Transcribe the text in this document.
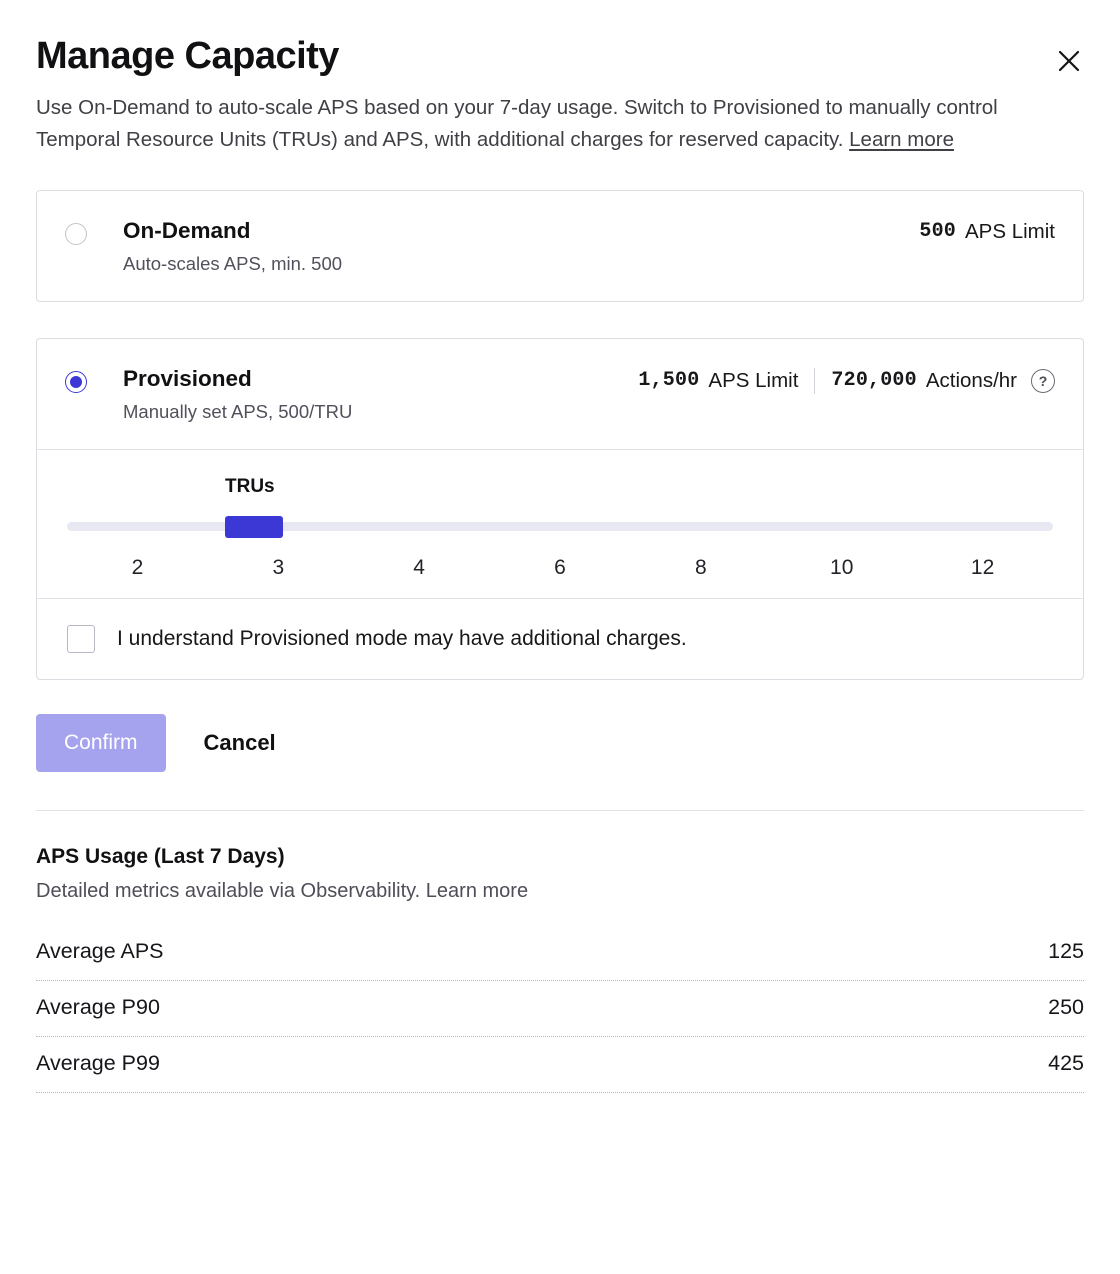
Manage Capacity
Use On-Demand to auto-scale APS based on your 7-day usage. Switch to Provisioned to manually control Temporal Resource Units (TRUs) and APS, with additional charges for reserved capacity. Learn more
On-Demand
Auto-scales APS, min. 500
500 APS Limit
Provisioned
Manually set APS, 500/TRU
1,500 APS Limit 720,000 Actions/hr	?
TRUs
2	3	4	6	8	10	12
I understand Provisioned mode may have additional charges.
Confirm	Cancel
APS Usage (Last 7 Days)
Detailed metrics available via Observability. Learn more
Average APS	125
Average P90	250
Average P99	425
